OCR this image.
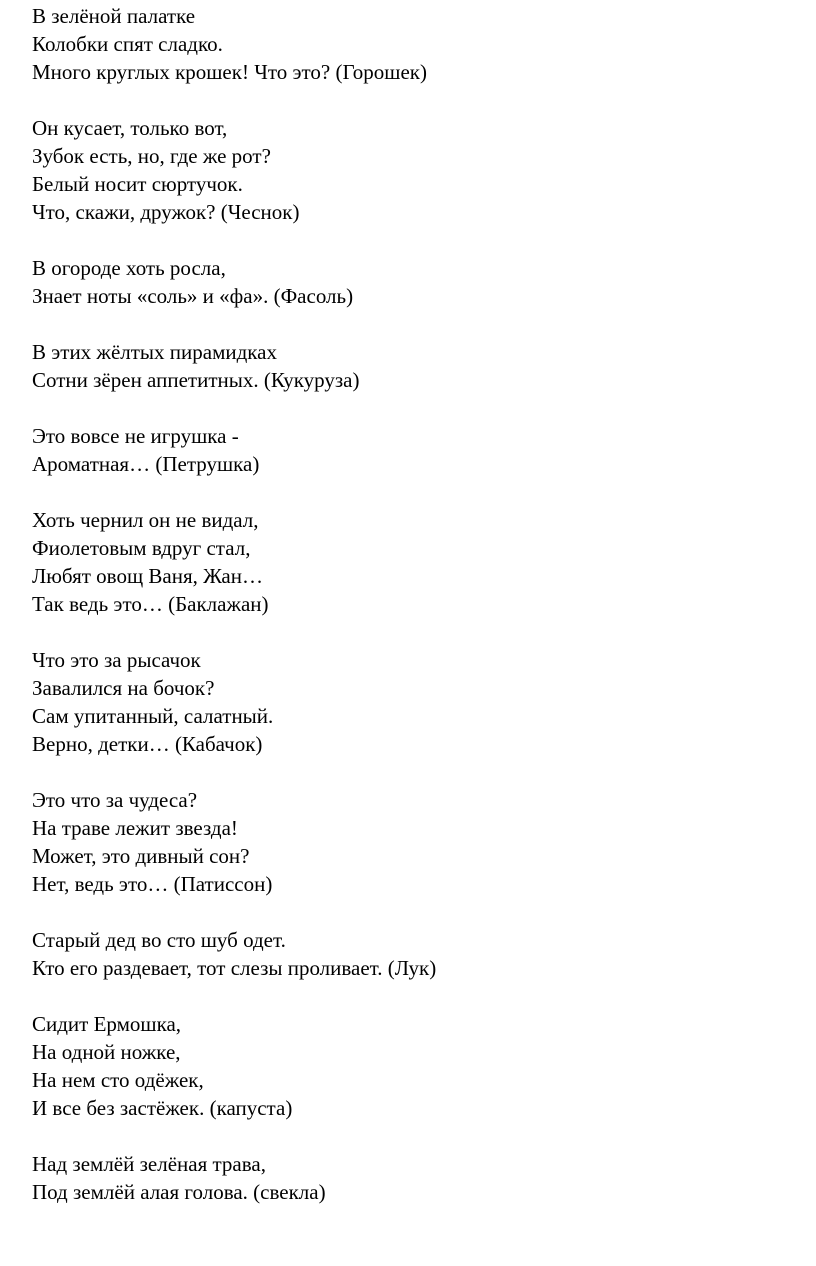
В зелёной палатке
Колобки спят сладко.
Много круглых крошек! Что это? (Горошек)
Он кусает, только вот,
Зубок есть, но, где же рот?
Белый носит сюртучок.
Что, скажи, дружок? (Чеснок)
В огороде хоть росла,
Знает ноты «соль» и «фа». (Фасоль)
В этих жёлтых пирамидках
Сотни зёрен аппетитных. (Кукуруза)
Это вовсе не игрушка -
Ароматная… (Петрушка)
Хоть чернил он не видал,
Фиолетовым вдруг стал,
Любят овощ Ваня, Жан…
Так ведь это… (Баклажан)
Что это за рысачок
Завалился на бочок?
Сам упитанный, салатный.
Верно, детки… (Кабачок)
Это что за чудеса?
На траве лежит звезда!
Может, это дивный сон?
Нет, ведь это… (Патиссон)
Старый дед во сто шуб одет.
Кто его раздевает, тот слезы проливает. (Лук)
Сидит Ермошка,
На одной ножке,
На нем сто одёжек,
И все без застёжек. (капуста)
Над землёй зелёная трава,
Под землёй алая голова. (свекла)
